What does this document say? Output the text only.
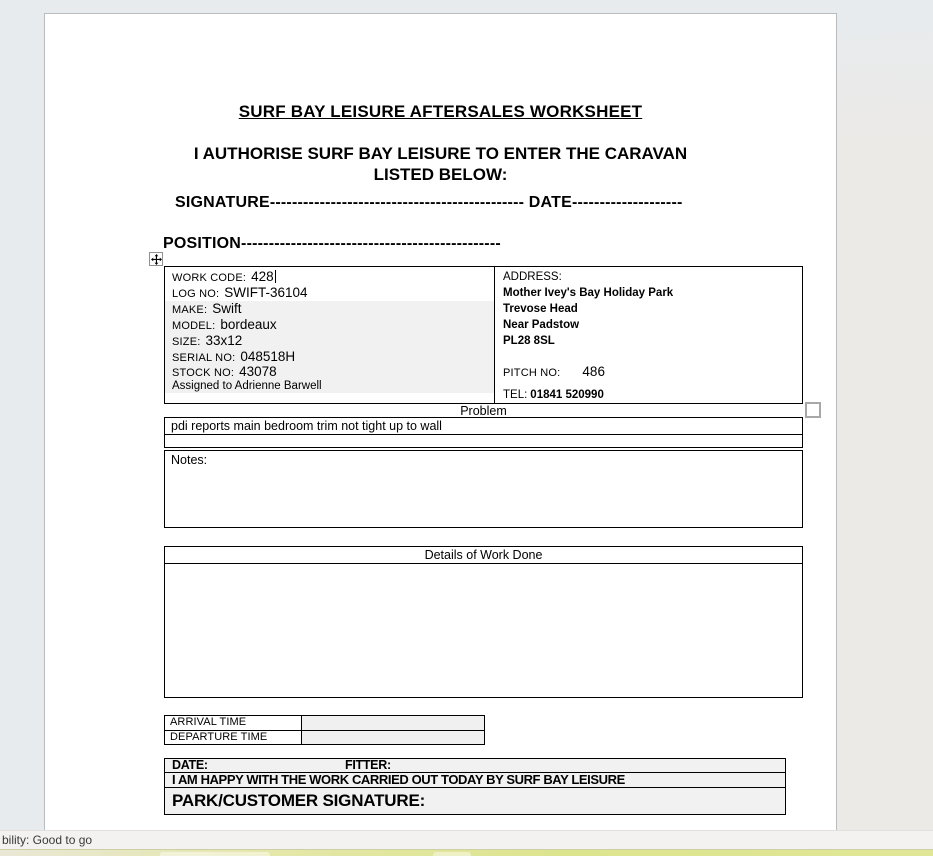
SURF BAY LEISURE AFTERSALES WORKSHEET
I AUTHORISE SURF BAY LEISURE TO ENTER THE CARAVAN
LISTED BELOW:
SIGNATURE---------------------------------------------- DATE--------------------
POSITION-----------------------------------------------
WORK CODE: 428
LOG NO: SWIFT-36104
MAKE: Swift
MODEL: bordeaux
SIZE: 33x12
SERIAL NO: 048518H
STOCK NO: 43078
Assigned to Adrienne Barwell
ADDRESS:
Mother Ivey's Bay Holiday Park
Trevose Head
Near Padstow
PL28 8SL
PITCH NO: 486
TEL: 01841 520990
Problem
pdi reports main bedroom trim not tight up to wall
Notes:
Details of Work Done
ARRIVAL TIME
DEPARTURE TIME
DATE:	FITTER:
I AM HAPPY WITH THE WORK CARRIED OUT TODAY BY SURF BAY LEISURE
PARK/CUSTOMER SIGNATURE:
bility: Good to go
